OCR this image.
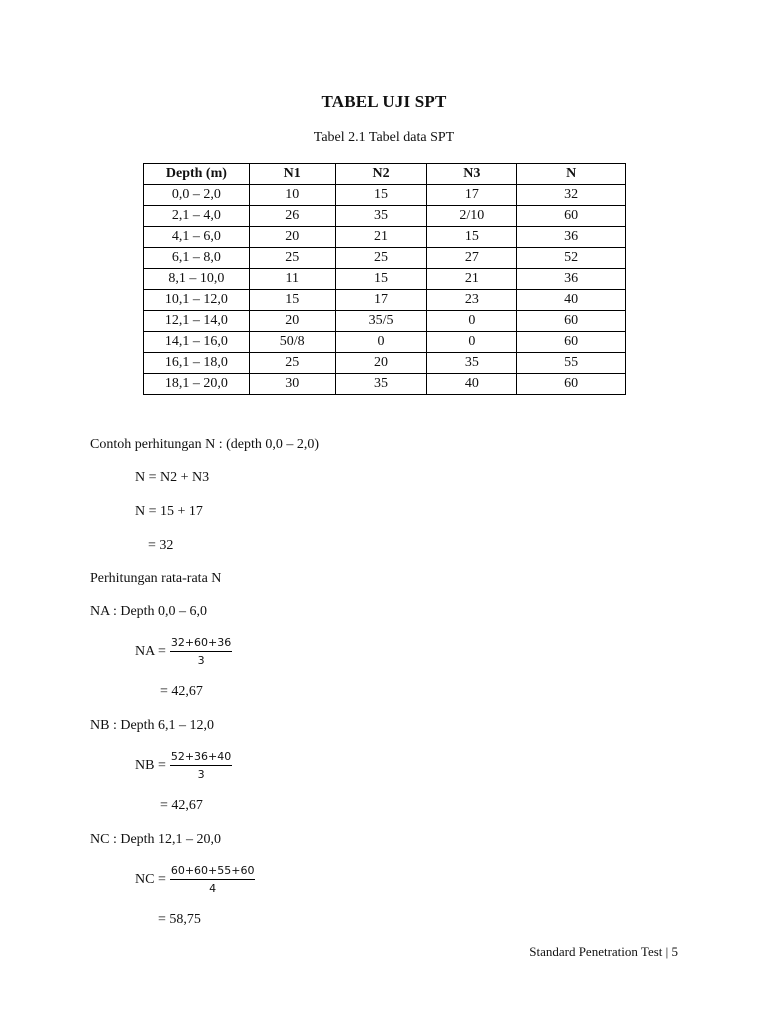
TABEL UJI SPT
Tabel 2.1 Tabel data SPT
Depth (m)	N1	N2	N3	N
0,0 – 2,0	10	15	17	32
2,1 – 4,0	26	35	2/10	60
4,1 – 6,0	20	21	15	36
6,1 – 8,0	25	25	27	52
8,1 – 10,0	11	15	21	36
10,1 – 12,0	15	17	23	40
12,1 – 14,0	20	35/5	0	60
14,1 – 16,0	50/8	0	0	60
16,1 – 18,0	25	20	35	55
18,1 – 20,0	30	35	40	60
Contoh perhitungan N : (depth 0,0 – 2,0)
N = N2 + N3
N = 15 + 17
= 32
Perhitungan rata-rata N
NA : Depth 0,0 – 6,0
NA = $\frac{32+60+36}{3}$
= 42,67
NB : Depth 6,1 – 12,0
NB = $\frac{52+36+40}{3}$
= 42,67
NC : Depth 12,1 – 20,0
NC = $\frac{60+60+55+60}{4}$
= 58,75
Standard Penetration Test | 5
